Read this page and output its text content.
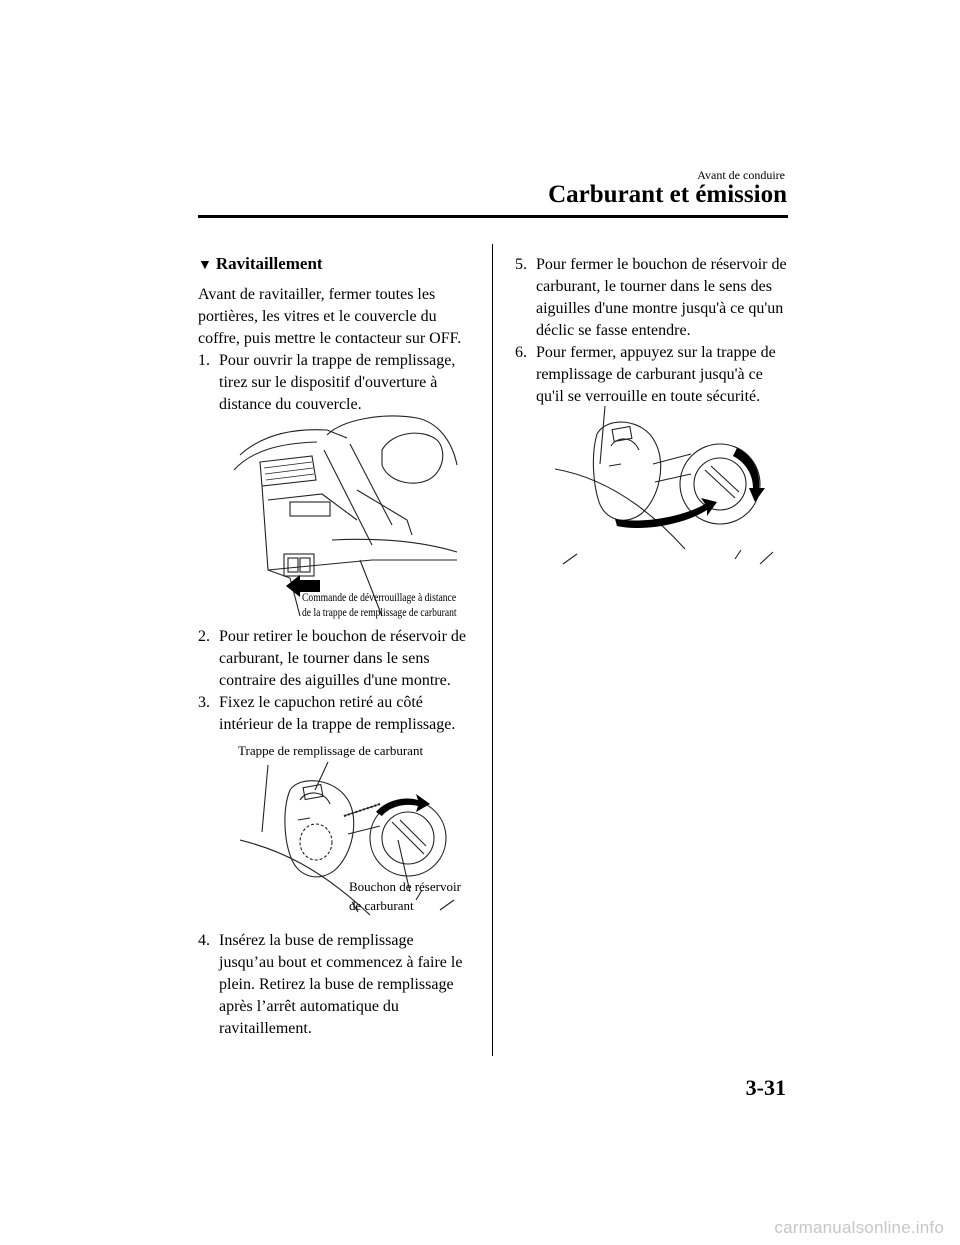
Avant de conduire
Carburant et émission
▼ Ravitaillement
Avant de ravitailler, fermer toutes les
portières, les vitres et le couvercle du
coffre, puis mettre le contacteur sur OFF.
1. Pour ouvrir la trappe de remplissage,
tirez sur le dispositif d'ouverture à
distance du couvercle.
Commande de déverrouillage à distance
de la trappe de remplissage de carburant
2. Pour retirer le bouchon de réservoir de
carburant, le tourner dans le sens
contraire des aiguilles d'une montre.
3. Fixez le capuchon retiré au côté
intérieur de la trappe de remplissage.
Trappe de remplissage de carburant
Bouchon de réservoir
de carburant
4. Insérez la buse de remplissage
jusqu’au bout et commencez à faire le
plein. Retirez la buse de remplissage
après l’arrêt automatique du
ravitaillement.
5. Pour fermer le bouchon de réservoir de
carburant, le tourner dans le sens des
aiguilles d'une montre jusqu'à ce qu'un
déclic se fasse entendre.
6. Pour fermer, appuyez sur la trappe de
remplissage de carburant jusqu'à ce
qu'il se verrouille en toute sécurité.
3-31
carmanualsonline.info
